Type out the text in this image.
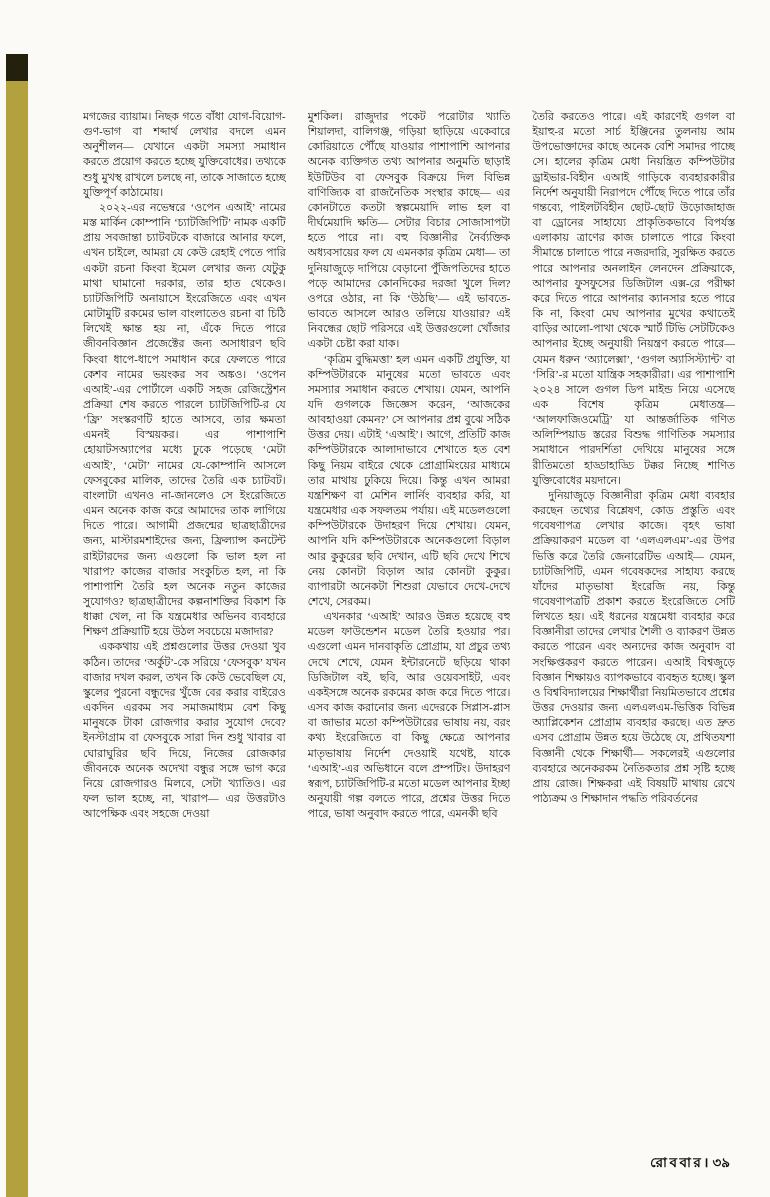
মগজের ব্যায়াম। নিছক গতে বাঁধা যোগ-বিয়োগ-গুণ-ভাগ বা শব্দার্থ লেখার বদলে এমন অনুশীলন— যেখানে একটা সমস্যা সমাধান করতে প্রয়োগ করতে হচ্ছে যুক্তিবোধের। তথ্যকে শুধু মুখস্থ রাখলে চলছে না, তাকে সাজাতে হচ্ছে যুক্তিপূর্ণ কাঠামোয়।

২০২২-এর নভেম্বরে ‘ওপেন এআই’ নামের মস্ত মার্কিন কোম্পানি ‘চ্যাটজিপিটি’ নামক একটি প্রায় সবজান্তা চ্যাটবটকে বাজারে আনার ফলে, এখন চাইলে, আমরা যে কেউ রেহাই পেতে পারি একটা রচনা কিংবা ইমেল লেখার জন্য যেটুকু মাথা ঘামানো দরকার, তার হাত থেকেও। চ্যাটজিপিটি অনায়াসে ইংরেজিতে এবং এখন মোটামুটি রকমের ভাল বাংলাতেও রচনা বা চিঠি লিখেই ক্ষান্ত হয় না, এঁকে দিতে পারে জীবনবিজ্ঞান প্রজেক্টের জন্য অসাধারণ ছবি কিংবা ধাপে-ধাপে সমাধান করে ফেলতে পারে কেশব নামের ভয়ংকর সব অঙ্কও। ‘ওপেন এআই’-এর পোর্টালে একটি সহজ রেজিস্ট্রেশন প্রক্রিয়া শেষ করতে পারলে চ্যাটজিপিটি-র যে ‘ফ্রি’ সংস্করণটি হাতে আসবে, তার ক্ষমতা এমনই বিস্ময়কর। এর পাশাপাশি হোয়াটসঅ্যাপের মধ্যে ঢুকে পড়েছে ‘মেটা এআই’, ‘মেটা’ নামের যে-কোম্পানি আসলে ফেসবুকের মালিক, তাদের তৈরি এক চ্যাটবট। বাংলাটা এখনও না-জানলেও সে ইংরেজিতে এমন অনেক কাজ করে আমাদের তাক লাগিয়ে দিতে পারে। আগামী প্রজন্মের ছাত্রছাত্রীদের জন্য, মাস্টারমশাইদের জন্য, ফ্রিল্যান্স কনটেন্ট রাইটারদের জন্য এগুলো কি ভাল হল না খারাপ? কাজের বাজার সংকুচিত হল, না কি পাশাপাশি তৈরি হল অনেক নতুন কাজের সুযোগও? ছাত্রছাত্রীদের কল্পনাশক্তির বিকাশ কি ধাক্কা খেল, না কি যন্ত্রমেধার অভিনব ব্যবহারে শিক্ষণ প্রক্রিয়াটি হয়ে উঠল সবচেয়ে মজাদার?

এককথায় এই প্রশ্নগুলোর উত্তর দেওয়া খুব কঠিন। তাদের ‘অর্কুট’-কে সরিয়ে ‘ফেসবুক’ যখন বাজার দখল করল, তখন কি কেউ ভেবেছিল যে, স্কুলের পুরনো বন্ধুদের খুঁজে বের করার বাইরেও একদিন এরকম সব সমাজমাধ্যম বেশ কিছু মানুষকে টাকা রোজগার করার সুযোগ দেবে? ইনস্টাগ্রাম বা ফেসবুকে সারা দিন শুধু খাবার বা ঘোরাঘুরির ছবি দিয়ে, নিজের রোজকার জীবনকে অনেক অদেখা বন্ধুর সঙ্গে ভাগ করে নিয়ে রোজগারও মিলবে, সেটা খ্যাতিও। এর ফল ভাল হচ্ছে, না, খারাপ— এর উত্তরটাও আপেক্ষিক এবং সহজে দেওয়া

মুশকিল। রাজুদার পকেট পরোটার খ্যাতি শিয়ালদা, বালিগঞ্জ, গড়িয়া ছাড়িয়ে একেবারে কোরিয়াতে পৌঁছে যাওয়ার পাশাপাশি আপনার অনেক ব্যক্তিগত তথ্য আপনার অনুমতি ছাড়াই ইউটিউব বা ফেসবুক বিক্রয়ে দিল বিভিন্ন বাণিজ্যিক বা রাজনৈতিক সংস্থার কাছে— এর কোনটাতে কতটা স্বল্পমেয়াদি লাভ হল বা দীর্ঘমেয়াদি ক্ষতি— সেটার বিচার সোজাসাপটা হতে পারে না। বহু বিজ্ঞানীর নৈর্ব্যক্তিক অধ্যবসায়ের ফল যে এমনকার কৃত্রিম মেধা— তা দুনিয়াজুড়ে দাপিয়ে বেড়ানো পুঁজিপতিদের হাতে পড়ে আমাদের কোনদিকের দরজা খুলে দিল? ওপরে ওঠার, না কি ‘উঠছি’— এই ভাবতে-ভাবতে আসলে আরও তলিয়ে যাওয়ার? এই নিবন্ধের ছোট পরিসরে এই উত্তরগুলো খোঁজার একটা চেষ্টা করা যাক।

‘কৃত্রিম বুদ্ধিমত্তা’ হল এমন একটি প্রযুক্তি, যা কম্পিউটারকে মানুষের মতো ভাবতে এবং সমস্যার সমাধান করতে শেখায়। যেমন, আপনি যদি গুগলকে জিজ্ঞেস করেন, ‘আজকের আবহাওয়া কেমন?’ সে আপনার প্রশ্ন বুঝে সঠিক উত্তর দেয়। এটাই ‘এআই’। আগে, প্রতিটি কাজ কম্পিউটারকে আলাদাভাবে শেখাতে হত বেশ কিছু নিয়ম বাইরে থেকে প্রোগ্রামিংয়ের মাধ্যমে তার মাথায় ঢুকিয়ে দিয়ে। কিন্তু এখন আমরা যন্ত্রশিক্ষণ বা মেশিন লার্নিং ব্যবহার করি, যা যন্ত্রমেধার এক সফলতম পর্যায়। এই মডেলগুলো কম্পিউটারকে উদাহরণ দিয়ে শেখায়। যেমন, আপনি যদি কম্পিউটারকে অনেকগুলো বিড়াল আর কুকুরের ছবি দেখান, এটি ছবি দেখে শিখে নেয় কোনটা বিড়াল আর কোনটা কুকুর। ব্যাপারটা অনেকটা শিশুরা যেভাবে দেখে-দেখে শেখে, সেরকম।

এখনকার ‘এআই’ আরও উন্নত হয়েছে বহু মডেল ফাউন্ডেশন মডেল তৈরি হওয়ার পর। এগুলো এমন দানবাকৃতি প্রোগ্রাম, যা প্রচুর তথ্য দেখে শেখে, যেমন ইন্টারনেটে ছড়িয়ে থাকা ডিজিটাল বই, ছবি, আর ওয়েবসাইট, এবং একইসঙ্গে অনেক রকমের কাজ করে দিতে পারে। এসব কাজ করানোর জন্য এদেরকে সিপ্লাস-প্লাস বা জাভার মতো কম্পিউটারের ভাষায় নয়, বরং কথ্য ইংরেজিতে বা কিছু ক্ষেত্রে আপনার মাতৃভাষায় নির্দেশ দেওয়াই যথেষ্ট, যাকে ‘এআই’-এর অভিধানে বলে প্রম্পটিং। উদাহরণ স্বরূপ, চ্যাটজিপিটি-র মতো মডেল আপনার ইচ্ছা অনুযায়ী গল্প বলতে পারে, প্রশ্নের উত্তর দিতে পারে, ভাষা অনুবাদ করতে পারে, এমনকী ছবি

তৈরি করতেও পারে। এই কারণেই গুগল বা ইয়াহু-র মতো সার্চ ইঞ্জিনের তুলনায় আম উপভোক্তাদের কাছে অনেক বেশি সমাদর পাচ্ছে সে। হালের কৃত্রিম মেধা নিয়ন্ত্রিত কম্পিউটার ড্রাইভার-বিহীন এআই গাড়িকে ব্যবহারকারীর নির্দেশ অনুযায়ী নিরাপদে পৌঁছে দিতে পারে তাঁর গন্তব্যে, পাইলটবিহীন ছোট-ছোট উড়োজাহাজ বা ড্রোনের সাহায্যে প্রাকৃতিকভাবে বিপর্যস্ত এলাকায় ত্রাণের কাজ চালাতে পারে কিংবা সীমান্তে চালাতে পারে নজরদারি, সুরক্ষিত করতে পারে আপনার অনলাইন লেনদেন প্রক্রিয়াকে, আপনার ফুসফুসের ডিজিটাল এক্স-রে পরীক্ষা করে দিতে পারে আপনার ক্যানসার হতে পারে কি না, কিংবা মেঘ আপনার মুখের কথাতেই বাড়ির আলো-পাখা থেকে স্মার্ট টিভি সেটটিকেও আপনার ইচ্ছে অনুযায়ী নিয়ন্ত্রণ করতে পারে— যেমন ধরুন ‘অ্যালেক্সা’, ‘গুগল অ্যাসিস্ট্যান্ট’ বা ‘সিরি’-র মতো যান্ত্রিক সহকারীরা। এর পাশাপাশি ২০২৪ সালে গুগল ডিপ মাইন্ড নিয়ে এসেছে এক বিশেষ কৃত্রিম মেধাতন্ত্র— ‘আলফাজিওমেট্রি’ যা আন্তর্জাতিক গণিত অলিম্পিয়াড স্তরের বিশুদ্ধ গাণিতিক সমস্যার সমাধানে পারদর্শিতা দেখিয়ে মানুষের সঙ্গে রীতিমতো হাড্ডাহাড্ডি টক্কর নিচ্ছে শাণিত যুক্তিবোধের ময়দানে।

দুনিয়াজুড়ে বিজ্ঞানীরা কৃত্রিম মেধা ব্যবহার করছেন তথ্যের বিশ্লেষণ, কোড প্রস্তুতি এবং গবেষণাপত্র লেখার কাজে। বৃহৎ ভাষা প্রক্রিয়াকরণ মডেল বা ‘এলএলএম’-এর উপর ভিত্তি করে তৈরি জেনারেটিভ এআই— যেমন, চ্যাটজিপিটি, এমন গবেষকদের সাহায্য করছে যাঁদের মাতৃভাষা ইংরেজি নয়, কিন্তু গবেষণাপত্রটি প্রকাশ করতে ইংরেজিতে সেটি লিখতে হয়। এই ধরনের যন্ত্রমেধা ব্যবহার করে বিজ্ঞানীরা তাদের লেখার শৈলী ও ব্যাকরণ উন্নত করতে পারেন এবং অন্যদের কাজ অনুবাদ বা সংক্ষিপ্তকরণ করতে পারেন। এআই বিশ্বজুড়ে বিজ্ঞান শিক্ষায়ও ব্যাপকভাবে ব্যবহৃত হচ্ছে। স্কুল ও বিশ্ববিদ্যালয়ের শিক্ষার্থীরা নিয়মিতভাবে প্রশ্নের উত্তর দেওয়ার জন্য এলএলএম-ভিত্তিক বিভিন্ন অ্যাপ্লিকেশন প্রোগ্রাম ব্যবহার করছে। এত দ্রুত এসব প্রোগ্রাম উন্নত হয়ে উঠেছে যে, প্রথিতযশা বিজ্ঞানী থেকে শিক্ষার্থী— সকলেরই এগুলোর ব্যবহারে অনেকরকম নৈতিকতার প্রশ্ন সৃষ্টি হচ্ছে প্রায় রোজ। শিক্ষকরা এই বিষয়টি মাথায় রেখে পাঠ্যক্রম ও শিক্ষাদান পদ্ধতি পরিবর্তনের

রোববার। ৩৯
